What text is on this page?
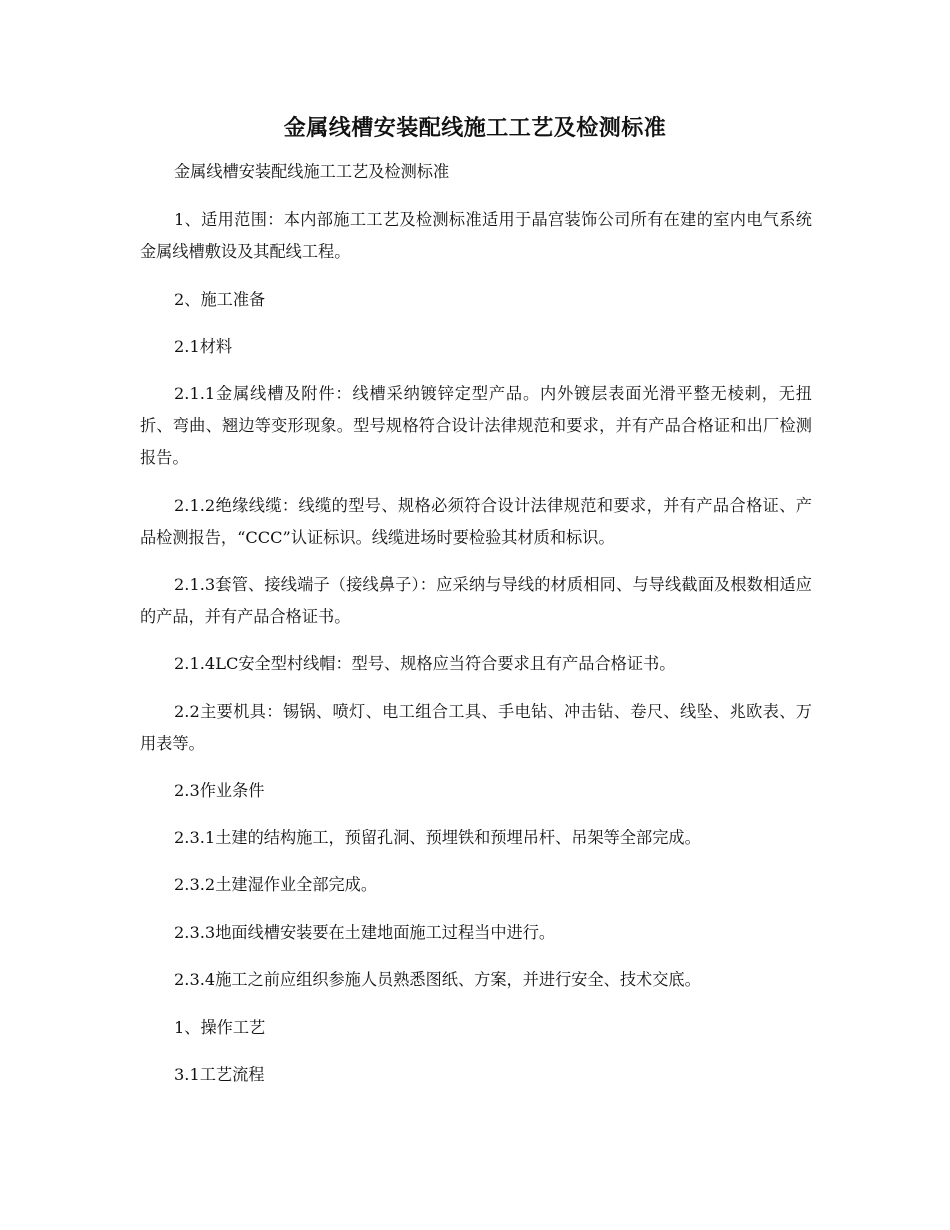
金属线槽安装配线施工工艺及检测标准

金属线槽安装配线施工工艺及检测标准

1、适用范围：本内部施工工艺及检测标准适用于晶宫装饰公司所有在建的室内电气系统金属线槽敷设及其配线工程。

2、施工准备

2.1材料

2.1.1金属线槽及附件：线槽采纳镀锌定型产品。内外镀层表面光滑平整无棱刺，无扭折、弯曲、翘边等变形现象。型号规格符合设计法律规范和要求，并有产品合格证和出厂检测报告。

2.1.2绝缘线缆：线缆的型号、规格必须符合设计法律规范和要求，并有产品合格证、产品检测报告，“CCC”认证标识。线缆进场时要检验其材质和标识。

2.1.3套管、接线端子（接线鼻子）：应采纳与导线的材质相同、与导线截面及根数相适应的产品，并有产品合格证书。

2.1.4LC安全型村线帽：型号、规格应当符合要求且有产品合格证书。

2.2主要机具：锡锅、喷灯、电工组合工具、手电钻、冲击钻、卷尺、线坠、兆欧表、万用表等。

2.3作业条件

2.3.1土建的结构施工，预留孔洞、预埋铁和预埋吊杆、吊架等全部完成。

2.3.2土建湿作业全部完成。

2.3.3地面线槽安装要在土建地面施工过程当中进行。

2.3.4施工之前应组织参施人员熟悉图纸、方案，并进行安全、技术交底。

1、操作工艺

3.1工艺流程
